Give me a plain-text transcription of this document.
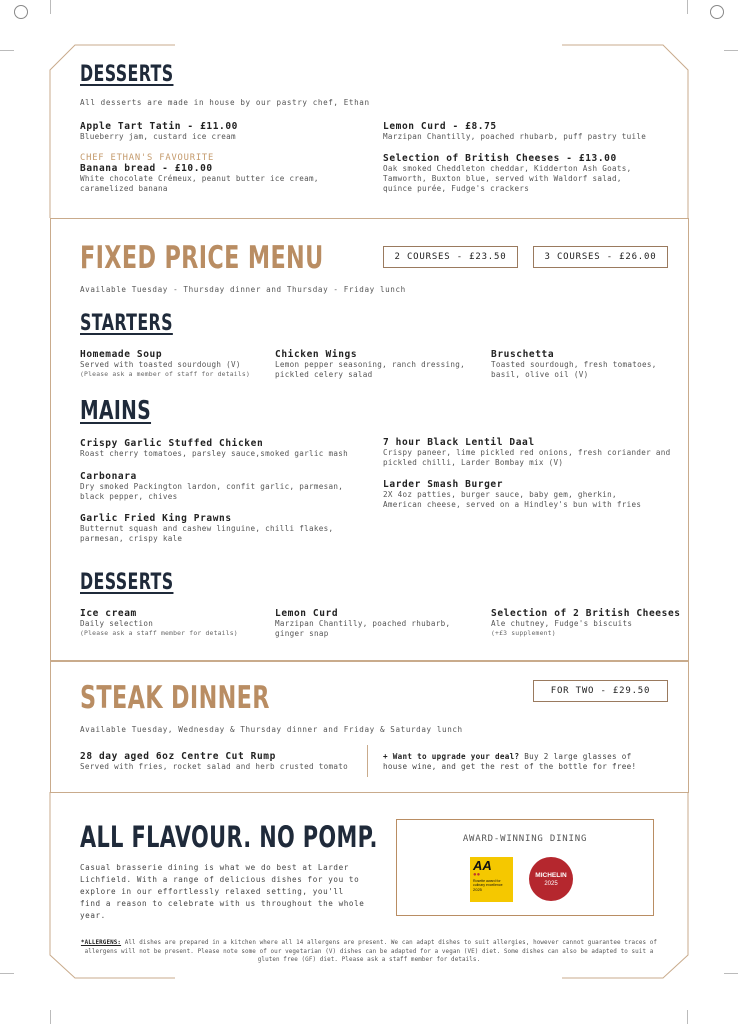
DESSERTS
All desserts are made in house by our pastry chef, Ethan
Apple Tart Tatin - £11.00
Blueberry jam, custard ice cream
CHEF ETHAN'S FAVOURITE
Banana bread - £10.00
White chocolate Crémeux, peanut butter ice cream, caramelized banana
Lemon Curd - £8.75
Marzipan Chantilly, poached rhubarb, puff pastry tuile
Selection of British Cheeses - £13.00
Oak smoked Cheddleton cheddar, Kidderton Ash Goats, Tamworth, Buxton blue, served with Waldorf salad, quince purée, Fudge's crackers
FIXED PRICE MENU	2 COURSES - £23.50	3 COURSES - £26.00
Available Tuesday - Thursday dinner and Thursday - Friday lunch
STARTERS
Homemade Soup
Served with toasted sourdough (V)
(Please ask a member of staff for details)
Chicken Wings
Lemon pepper seasoning, ranch dressing, pickled celery salad
Bruschetta
Toasted sourdough, fresh tomatoes, basil, olive oil (V)
MAINS
Crispy Garlic Stuffed Chicken
Roast cherry tomatoes, parsley sauce,smoked garlic mash
Carbonara
Dry smoked Packington lardon, confit garlic, parmesan, black pepper, chives
Garlic Fried King Prawns
Butternut squash and cashew linguine, chilli flakes, parmesan, crispy kale
7 hour Black Lentil Daal
Crispy paneer, lime pickled red onions, fresh coriander and pickled chilli, Larder Bombay mix (V)
Larder Smash Burger
2X 4oz patties, burger sauce, baby gem, gherkin, American cheese, served on a Hindley's bun with fries
DESSERTS
Ice cream
Daily selection
(Please ask a staff member for details)
Lemon Curd
Marzipan Chantilly, poached rhubarb, ginger snap
Selection of 2 British Cheeses
Ale chutney, Fudge's biscuits
(+£3 supplement)
STEAK DINNER	FOR TWO - £29.50
Available Tuesday, Wednesday & Thursday dinner and Friday & Saturday lunch
28 day aged 6oz Centre Cut Rump
Served with fries, rocket salad and herb crusted tomato
+ Want to upgrade your deal? Buy 2 large glasses of house wine, and get the rest of the bottle for free!
ALL FLAVOUR. NO POMP.
Casual brasserie dining is what we do best at Larder Lichfield. With a range of delicious dishes for you to explore in our effortlessly relaxed setting, you'll find a reason to celebrate with us throughout the whole year.
AWARD-WINNING DINING
AA
●●
Rosette award for culinary excellence
2025
MICHELIN
2025
*ALLERGENS: All dishes are prepared in a kitchen where all 14 allergens are present. We can adapt dishes to suit allergies, however cannot guarantee traces of allergens will not be present. Please note some of our vegetarian (V) dishes can be adapted for a vegan (VE) diet. Some dishes can also be adapted to suit a gluten free (GF) diet. Please ask a staff member for details.
